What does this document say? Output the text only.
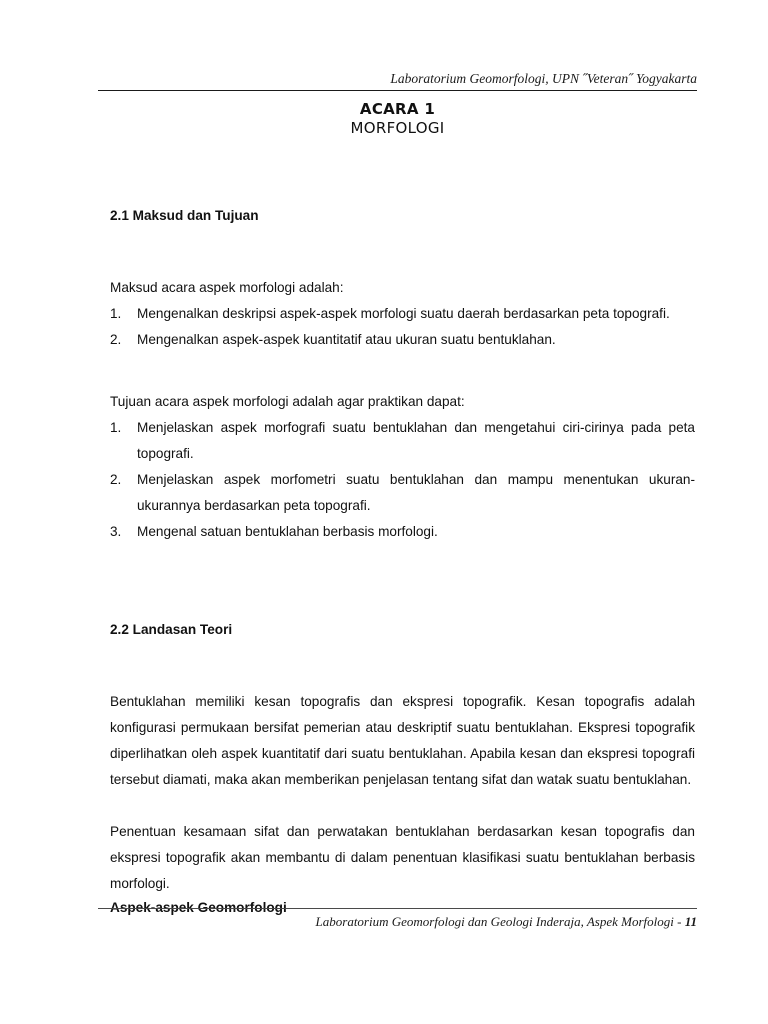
Laboratorium Geomorfologi, UPN ˝Veteran˝ Yogyakarta
ACARA 1
MORFOLOGI
2.1 Maksud dan Tujuan

Maksud acara aspek morfologi adalah:

1.	Mengenalkan deskripsi aspek-aspek morfologi suatu daerah berdasarkan peta topografi.
2.	Mengenalkan aspek-aspek kuantitatif atau ukuran suatu bentuklahan.

Tujuan acara aspek morfologi adalah agar praktikan dapat:

1.	Menjelaskan aspek morfografi suatu bentuklahan dan mengetahui ciri-cirinya pada peta topografi.
2.	Menjelaskan aspek morfometri suatu bentuklahan dan mampu menentukan ukuran-ukurannya berdasarkan peta topografi.
3.	Mengenal satuan bentuklahan berbasis morfologi.
2.2 Landasan Teori

Bentuklahan memiliki kesan topografis dan ekspresi topografik. Kesan topografis adalah konfigurasi permukaan bersifat pemerian atau deskriptif suatu bentuklahan. Ekspresi topografik diperlihatkan oleh aspek kuantitatif dari suatu bentuklahan. Apabila kesan dan ekspresi topografi tersebut diamati, maka akan memberikan penjelasan tentang sifat dan watak suatu bentuklahan.

Penentuan kesamaan sifat dan perwatakan bentuklahan berdasarkan kesan topografis dan ekspresi topografik akan membantu di dalam penentuan klasifikasi suatu bentuklahan berbasis morfologi.

Aspek-aspek Geomorfologi
Laboratorium Geomorfologi dan Geologi Inderaja, Aspek Morfologi - 11
